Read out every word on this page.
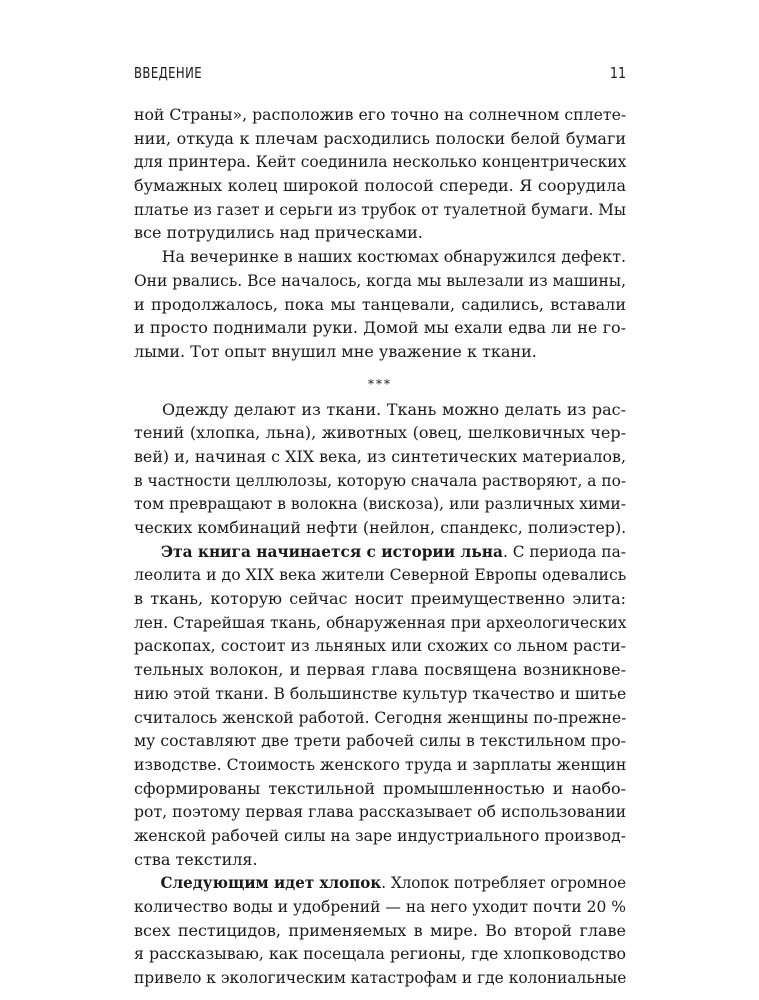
ВВЕДЕНИЕ	11
ной Страны», расположив его точно на солнечном сплете-
нии, откуда к плечам расходились полоски белой бумаги
для принтера. Кейт соединила несколько концентрических
бумажных колец широкой полосой спереди. Я соорудила
платье из газет и серьги из трубок от туалетной бумаги. Мы
все потрудились над прическами.
На вечеринке в наших костюмах обнаружился дефект.
Они рвались. Все началось, когда мы вылезали из машины,
и продолжалось, пока мы танцевали, садились, вставали
и просто поднимали руки. Домой мы ехали едва ли не го-
лыми. Тот опыт внушил мне уважение к ткани.
***
Одежду делают из ткани. Ткань можно делать из рас-
тений (хлопка, льна), животных (овец, шелковичных чер-
вей) и, начиная с XIX века, из синтетических материалов,
в частности целлюлозы, которую сначала растворяют, а по-
том превращают в волокна (вискоза), или различных хими-
ческих комбинаций нефти (нейлон, спандекс, полиэстер).
Эта книга начинается с истории льна. С периода па-
леолита и до XIX века жители Северной Европы одевались
в ткань, которую сейчас носит преимущественно элита:
лен. Старейшая ткань, обнаруженная при археологических
раскопах, состоит из льняных или схожих со льном расти-
тельных волокон, и первая глава посвящена возникнове-
нию этой ткани. В большинстве культур ткачество и шитье
считалось женской работой. Сегодня женщины по-прежне-
му составляют две трети рабочей силы в текстильном про-
изводстве. Стоимость женского труда и зарплаты женщин
сформированы текстильной промышленностью и наобо-
рот, поэтому первая глава рассказывает об использовании
женской рабочей силы на заре индустриального производ-
ства текстиля.
Следующим идет хлопок. Хлопок потребляет огромное
количество воды и удобрений — на него уходит почти 20 %
всех пестицидов, применяемых в мире. Во второй главе
я рассказываю, как посещала регионы, где хлопководство
привело к экологическим катастрофам и где колониальные
